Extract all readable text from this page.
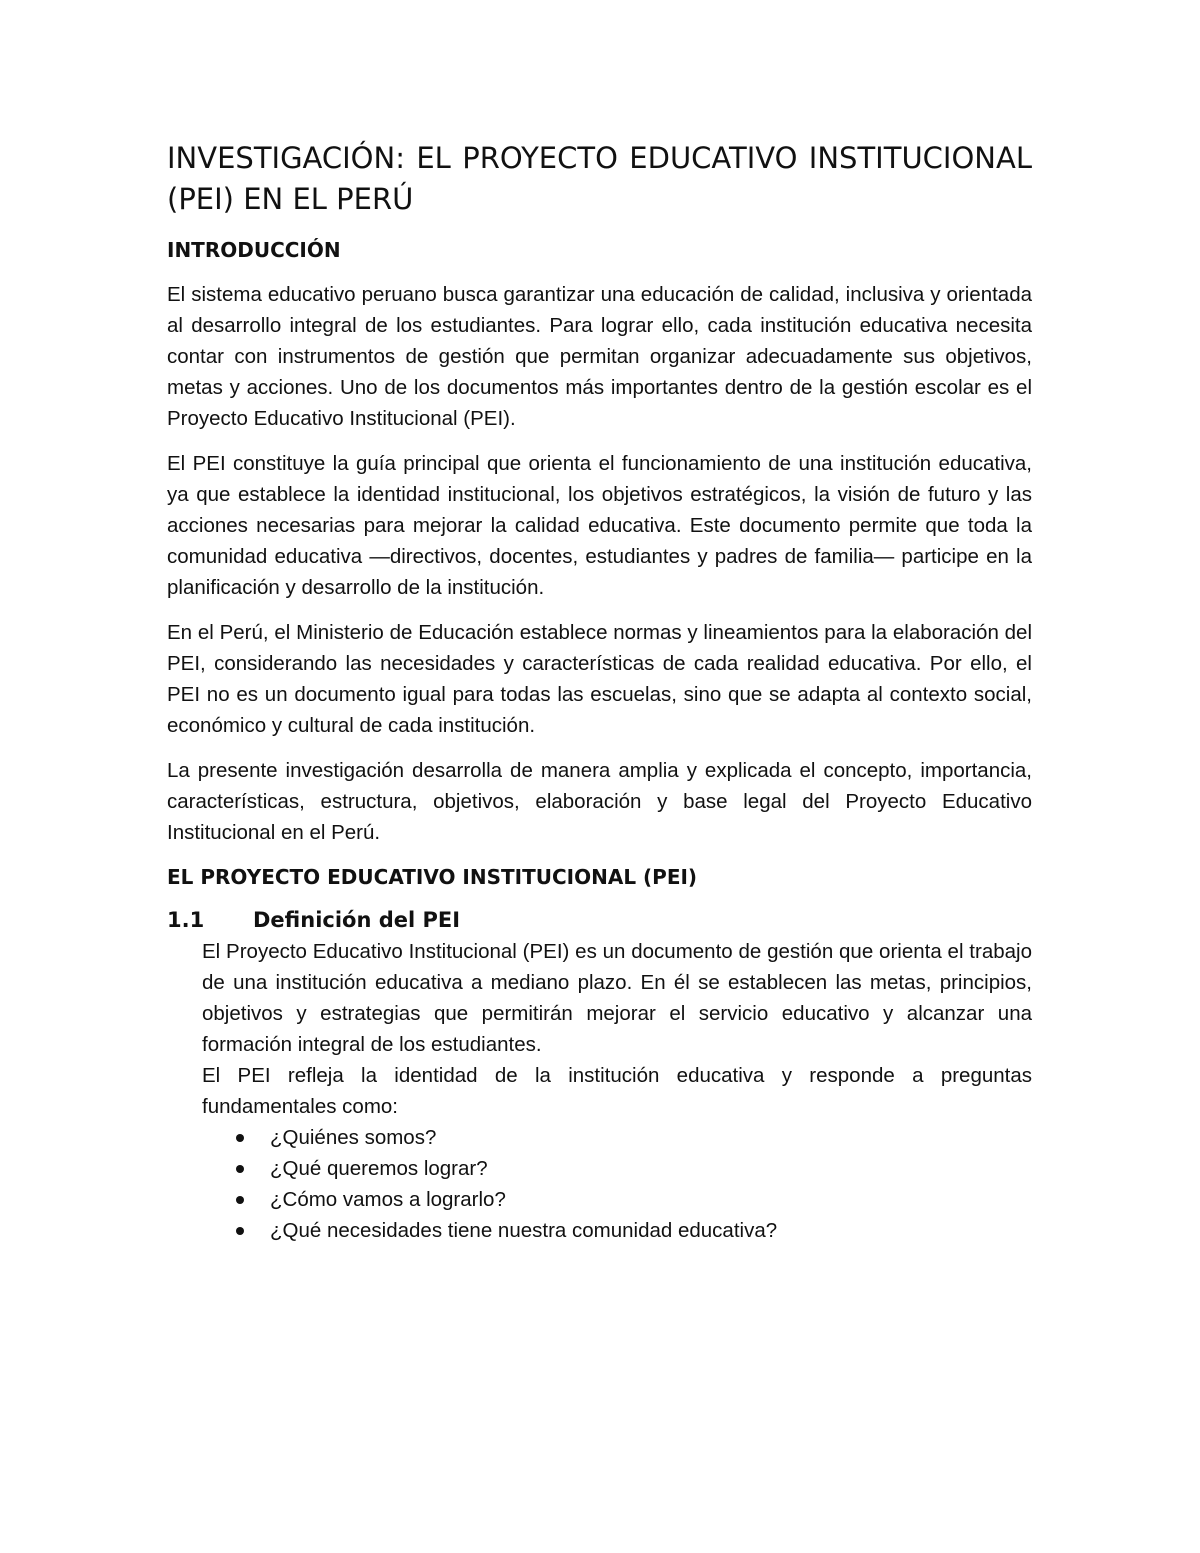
INVESTIGACIÓN: EL PROYECTO EDUCATIVO INSTITUCIONAL (PEI) EN EL PERÚ
INTRODUCCIÓN
El sistema educativo peruano busca garantizar una educación de calidad, inclusiva y orientada al desarrollo integral de los estudiantes. Para lograr ello, cada institución educativa necesita contar con instrumentos de gestión que permitan organizar adecuadamente sus objetivos, metas y acciones. Uno de los documentos más importantes dentro de la gestión escolar es el Proyecto Educativo Institucional (PEI).
El PEI constituye la guía principal que orienta el funcionamiento de una institución educativa, ya que establece la identidad institucional, los objetivos estratégicos, la visión de futuro y las acciones necesarias para mejorar la calidad educativa. Este documento permite que toda la comunidad educativa —directivos, docentes, estudiantes y padres de familia— participe en la planificación y desarrollo de la institución.
En el Perú, el Ministerio de Educación establece normas y lineamientos para la elaboración del PEI, considerando las necesidades y características de cada realidad educativa. Por ello, el PEI no es un documento igual para todas las escuelas, sino que se adapta al contexto social, económico y cultural de cada institución.
La presente investigación desarrolla de manera amplia y explicada el concepto, importancia, características, estructura, objetivos, elaboración y base legal del Proyecto Educativo Institucional en el Perú.
EL PROYECTO EDUCATIVO INSTITUCIONAL (PEI)
1.1	Definición del PEI
El Proyecto Educativo Institucional (PEI) es un documento de gestión que orienta el trabajo de una institución educativa a mediano plazo. En él se establecen las metas, principios, objetivos y estrategias que permitirán mejorar el servicio educativo y alcanzar una formación integral de los estudiantes.
El PEI refleja la identidad de la institución educativa y responde a preguntas fundamentales como:
¿Quiénes somos?
¿Qué queremos lograr?
¿Cómo vamos a lograrlo?
¿Qué necesidades tiene nuestra comunidad educativa?
